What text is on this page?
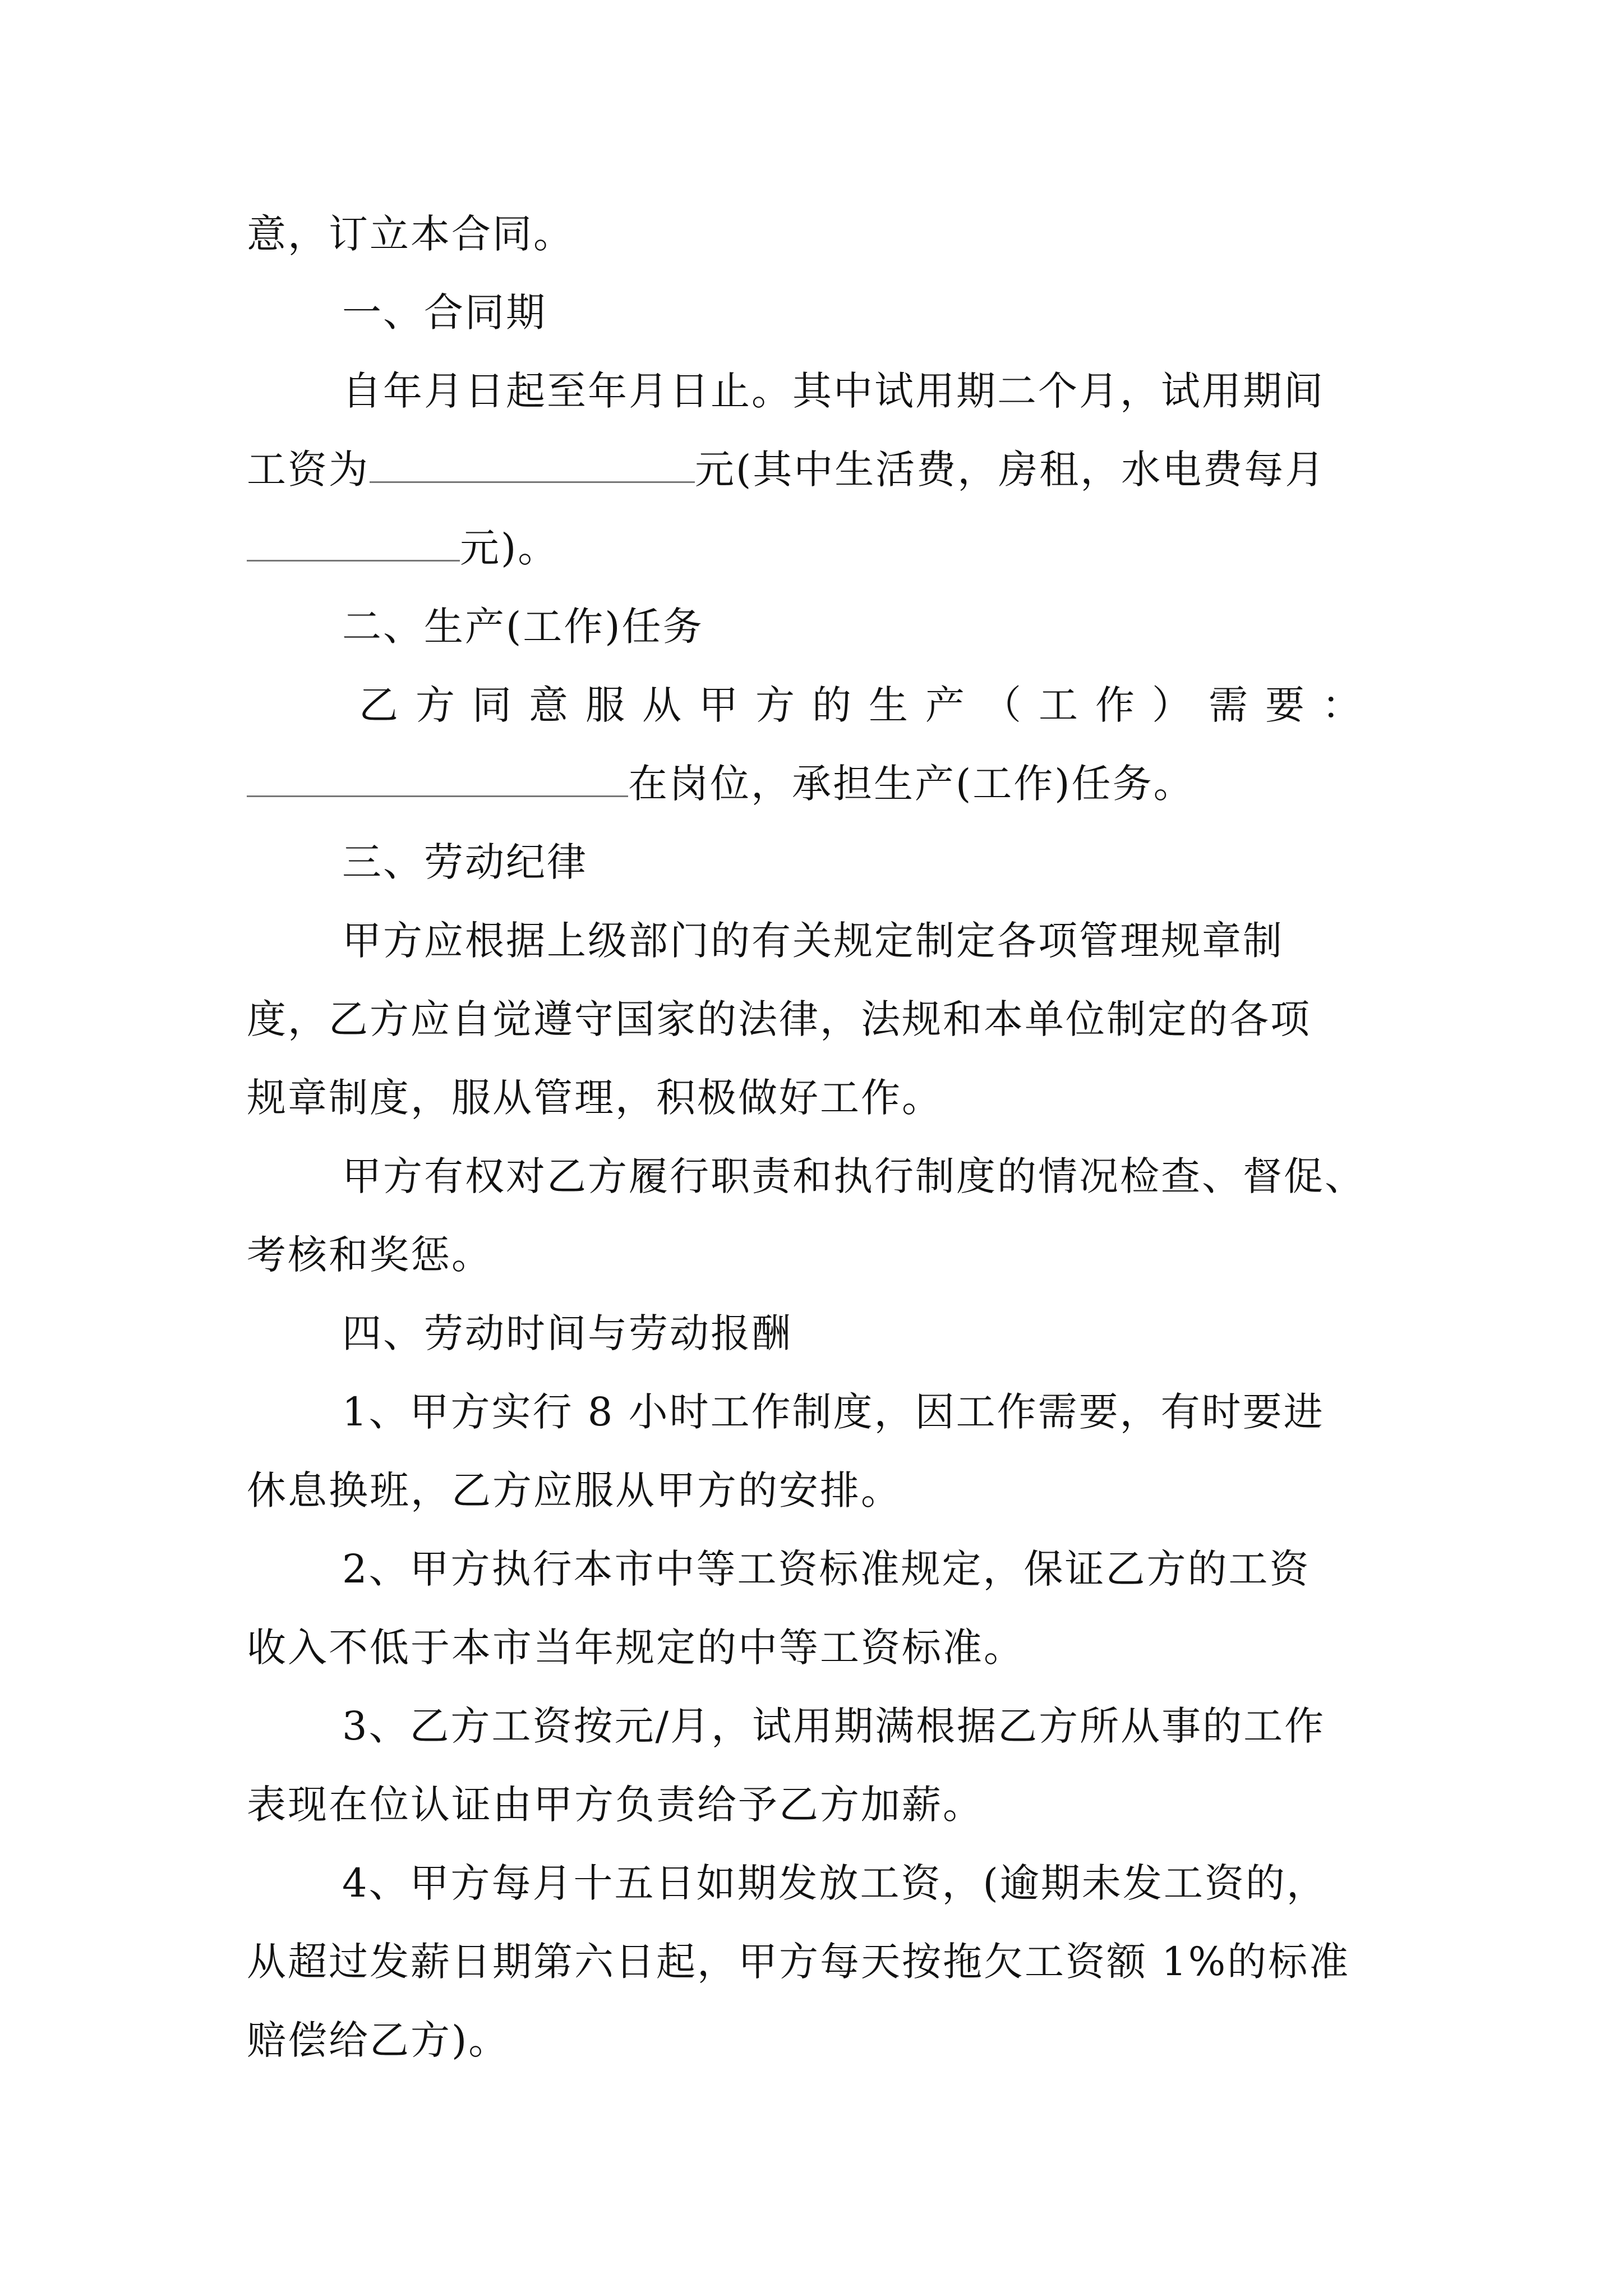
意，订立本合同。
一、合同期
自年月日起至年月日止。其中试用期二个月，试用期间
工资为	元(其中生活费，房租，水电费每月
元)。
二、生产(工作)任务
乙 方 同 意 服 从 甲 方 的 生 产 （ 工 作 ） 需 要 ：
在岗位，承担生产(工作)任务。
三、劳动纪律
甲方应根据上级部门的有关规定制定各项管理规章制
度，乙方应自觉遵守国家的法律，法规和本单位制定的各项
规章制度，服从管理，积极做好工作。
甲方有权对乙方履行职责和执行制度的情况检查、督促、
考核和奖惩。
四、劳动时间与劳动报酬
1、甲方实行 8 小时工作制度，因工作需要，有时要进
休息换班，乙方应服从甲方的安排。
2、甲方执行本市中等工资标准规定，保证乙方的工资
收入不低于本市当年规定的中等工资标准。
3、乙方工资按元/月，试用期满根据乙方所从事的工作
表现在位认证由甲方负责给予乙方加薪。
4、甲方每月十五日如期发放工资，(逾期未发工资的，
从超过发薪日期第六日起，甲方每天按拖欠工资额 1%的标准
赔偿给乙方)。
